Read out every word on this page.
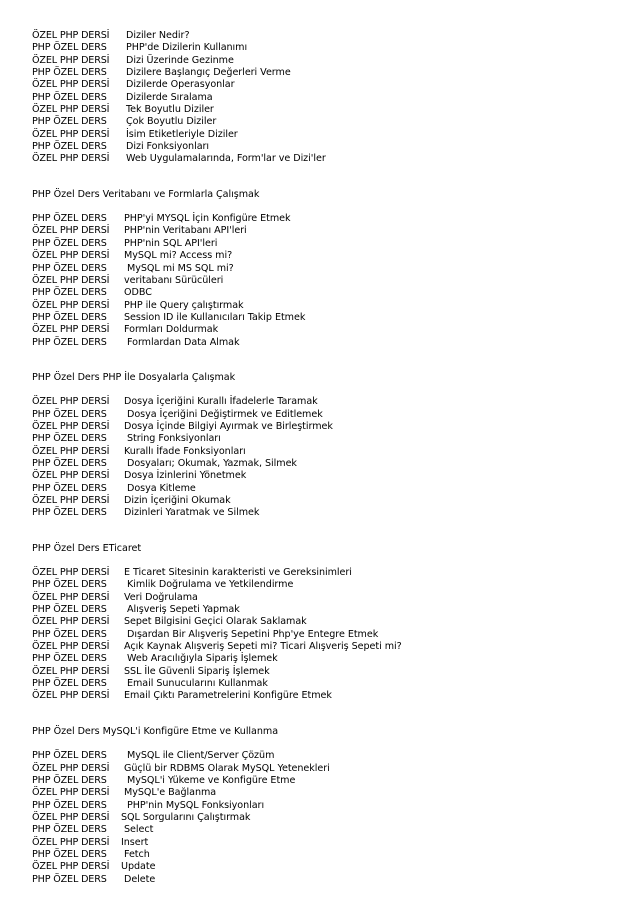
ÖZEL PHP DERSİ Diziler Nedir?
PHP ÖZEL DERS PHP'de Dizilerin Kullanımı
ÖZEL PHP DERSİ Dizi Üzerinde Gezinme
PHP ÖZEL DERS Dizilere Başlangıç Değerleri Verme
ÖZEL PHP DERSİ Dizilerde Operasyonlar
PHP ÖZEL DERS Dizilerde Sıralama
ÖZEL PHP DERSİ Tek Boyutlu Diziler
PHP ÖZEL DERS Çok Boyutlu Diziler
ÖZEL PHP DERSİ İsim Etiketleriyle Diziler
PHP ÖZEL DERS Dizi Fonksiyonları
ÖZEL PHP DERSİ Web Uygulamalarında, Form'lar ve Dizi'ler
PHP Özel Ders Veritabanı ve Formlarla Çalışmak
PHP ÖZEL DERS PHP'yi MYSQL İçin Konfigüre Etmek
ÖZEL PHP DERSİ PHP'nin Veritabanı API'leri
PHP ÖZEL DERS PHP'nin SQL API'leri
ÖZEL PHP DERSİ MySQL mi? Access mi?
PHP ÖZEL DERS MySQL mi MS SQL mi?
ÖZEL PHP DERSİ veritabanı Sürücüleri
PHP ÖZEL DERS ODBC
ÖZEL PHP DERSİ PHP ile Query çalıştırmak
PHP ÖZEL DERS Session ID ile Kullanıcıları Takip Etmek
ÖZEL PHP DERSİ Formları Doldurmak
PHP ÖZEL DERS Formlardan Data Almak
PHP Özel Ders PHP İle Dosyalarla Çalışmak
ÖZEL PHP DERSİ Dosya İçeriğini Kurallı İfadelerle Taramak
PHP ÖZEL DERS Dosya İçeriğini Değiştirmek ve Editlemek
ÖZEL PHP DERSİ Dosya İçinde Bilgiyi Ayırmak ve Birleştirmek
PHP ÖZEL DERS String Fonksiyonları
ÖZEL PHP DERSİ Kurallı İfade Fonksiyonları
PHP ÖZEL DERS Dosyaları; Okumak, Yazmak, Silmek
ÖZEL PHP DERSİ Dosya İzinlerini Yönetmek
PHP ÖZEL DERS Dosya Kitleme
ÖZEL PHP DERSİ Dizin İçeriğini Okumak
PHP ÖZEL DERS Dizinleri Yaratmak ve Silmek
PHP Özel Ders ETicaret
ÖZEL PHP DERSİ E Ticaret Sitesinin karakteristi ve Gereksinimleri
PHP ÖZEL DERS Kimlik Doğrulama ve Yetkilendirme
ÖZEL PHP DERSİ Veri Doğrulama
PHP ÖZEL DERS Alışveriş Sepeti Yapmak
ÖZEL PHP DERSİ Sepet Bilgisini Geçici Olarak Saklamak
PHP ÖZEL DERS Dışardan Bir Alışveriş Sepetini Php'ye Entegre Etmek
ÖZEL PHP DERSİ Açık Kaynak Alışveriş Sepeti mi? Ticari Alışveriş Sepeti mi?
PHP ÖZEL DERS Web Aracılığıyla Sipariş İşlemek
ÖZEL PHP DERSİ SSL İle Güvenli Sipariş İşlemek
PHP ÖZEL DERS Email Sunucularını Kullanmak
ÖZEL PHP DERSİ Email Çıktı Parametrelerini Konfigüre Etmek
PHP Özel Ders MySQL'i Konfigüre Etme ve Kullanma
PHP ÖZEL DERS MySQL ile Client/Server Çözüm
ÖZEL PHP DERSİ Güçlü bir RDBMS Olarak MySQL Yetenekleri
PHP ÖZEL DERS MySQL'i Yükeme ve Konfigüre Etme
ÖZEL PHP DERSİ MySQL'e Bağlanma
PHP ÖZEL DERS PHP'nin MySQL Fonksiyonları
ÖZEL PHP DERSİ SQL Sorgularını Çalıştırmak
PHP ÖZEL DERS Select
ÖZEL PHP DERSİ Insert
PHP ÖZEL DERS Fetch
ÖZEL PHP DERSİ Update
PHP ÖZEL DERS Delete
